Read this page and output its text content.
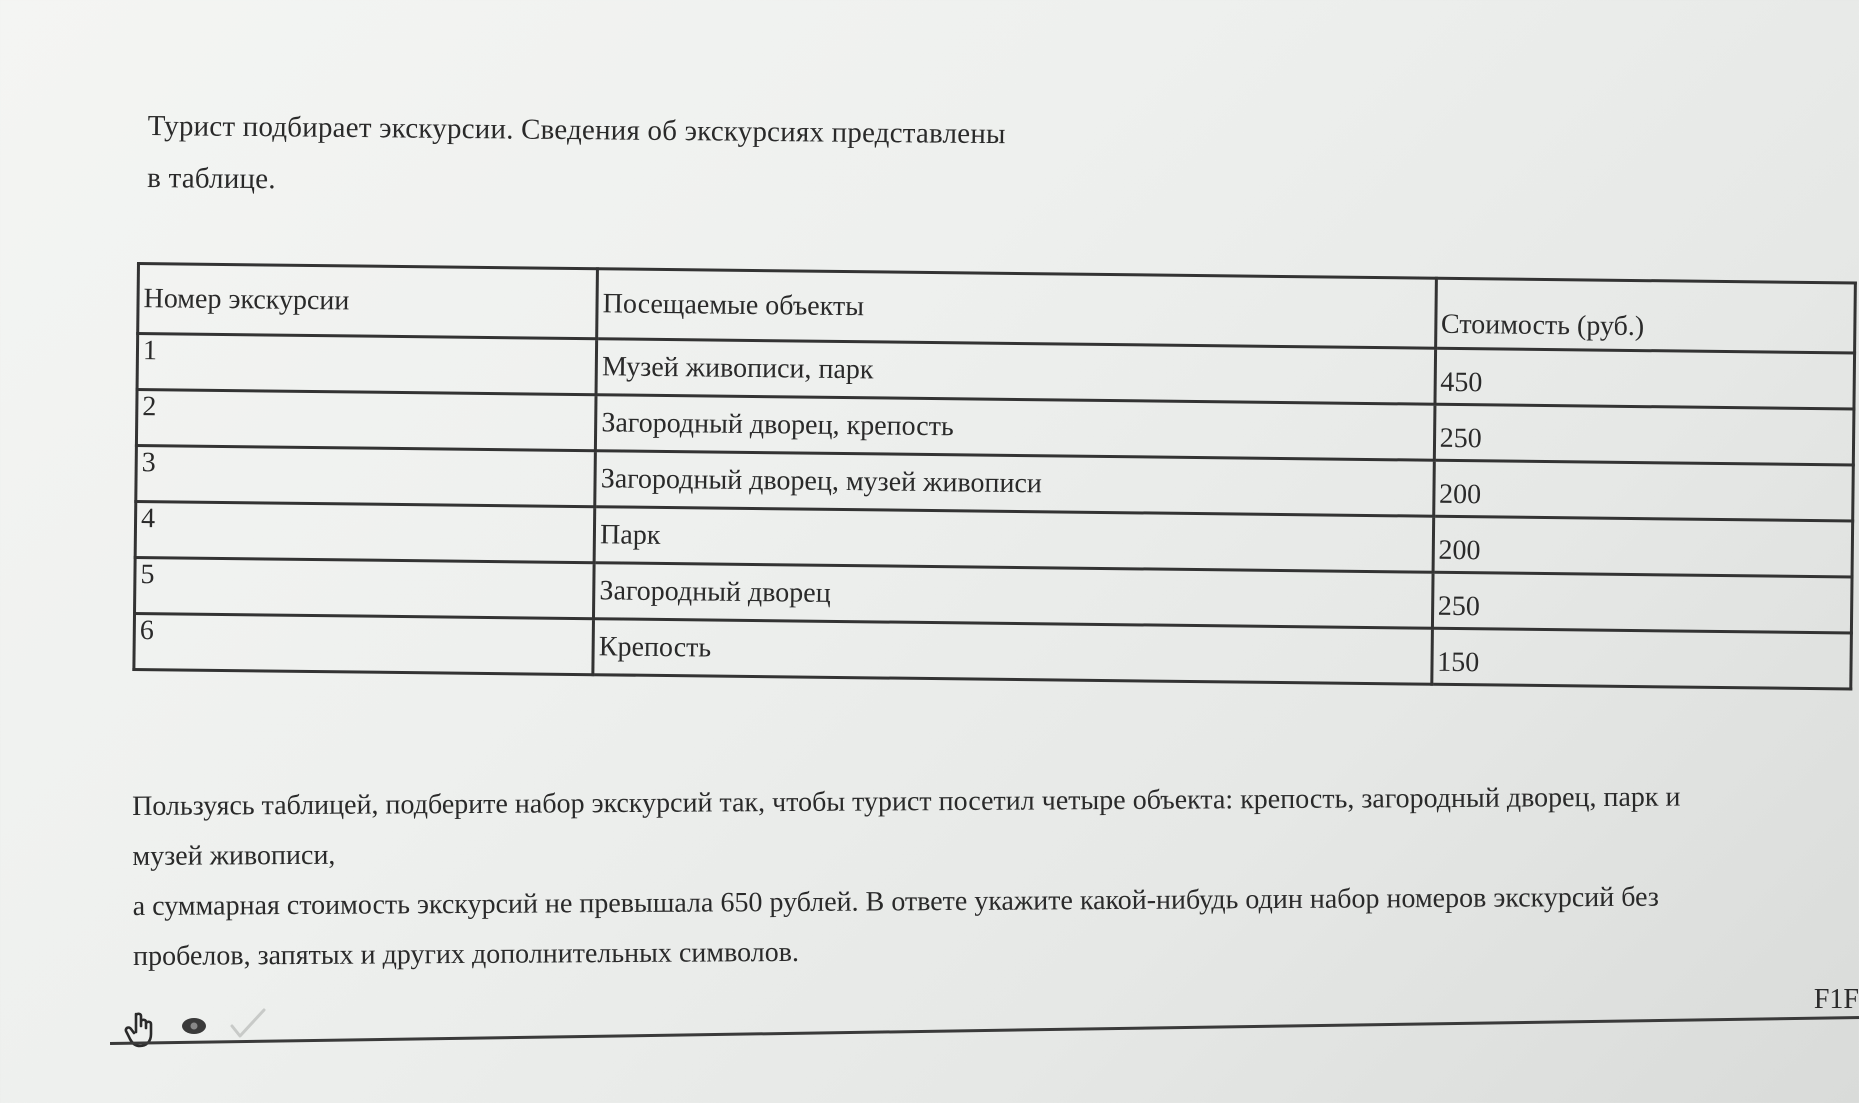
Турист подбирает экскурсии. Сведения об экскурсиях представлены
в таблице.

Номер экскурсии	Посещаемые объекты	Стоимость (руб.)
1	Музей живописи, парк	450
2	Загородный дворец, крепость	250
3	Загородный дворец, музей живописи	200
4	Парк	200
5	Загородный дворец	250
6	Крепость	150

Пользуясь таблицей, подберите набор экскурсий так, чтобы турист посетил четыре объекта: крепость, загородный дворец, парк и
музей живописи,
а суммарная стоимость экскурсий не превышала 650 рублей. В ответе укажите какой-нибудь один набор номеров экскурсий без
пробелов, запятых и других дополнительных символов.

F1F
